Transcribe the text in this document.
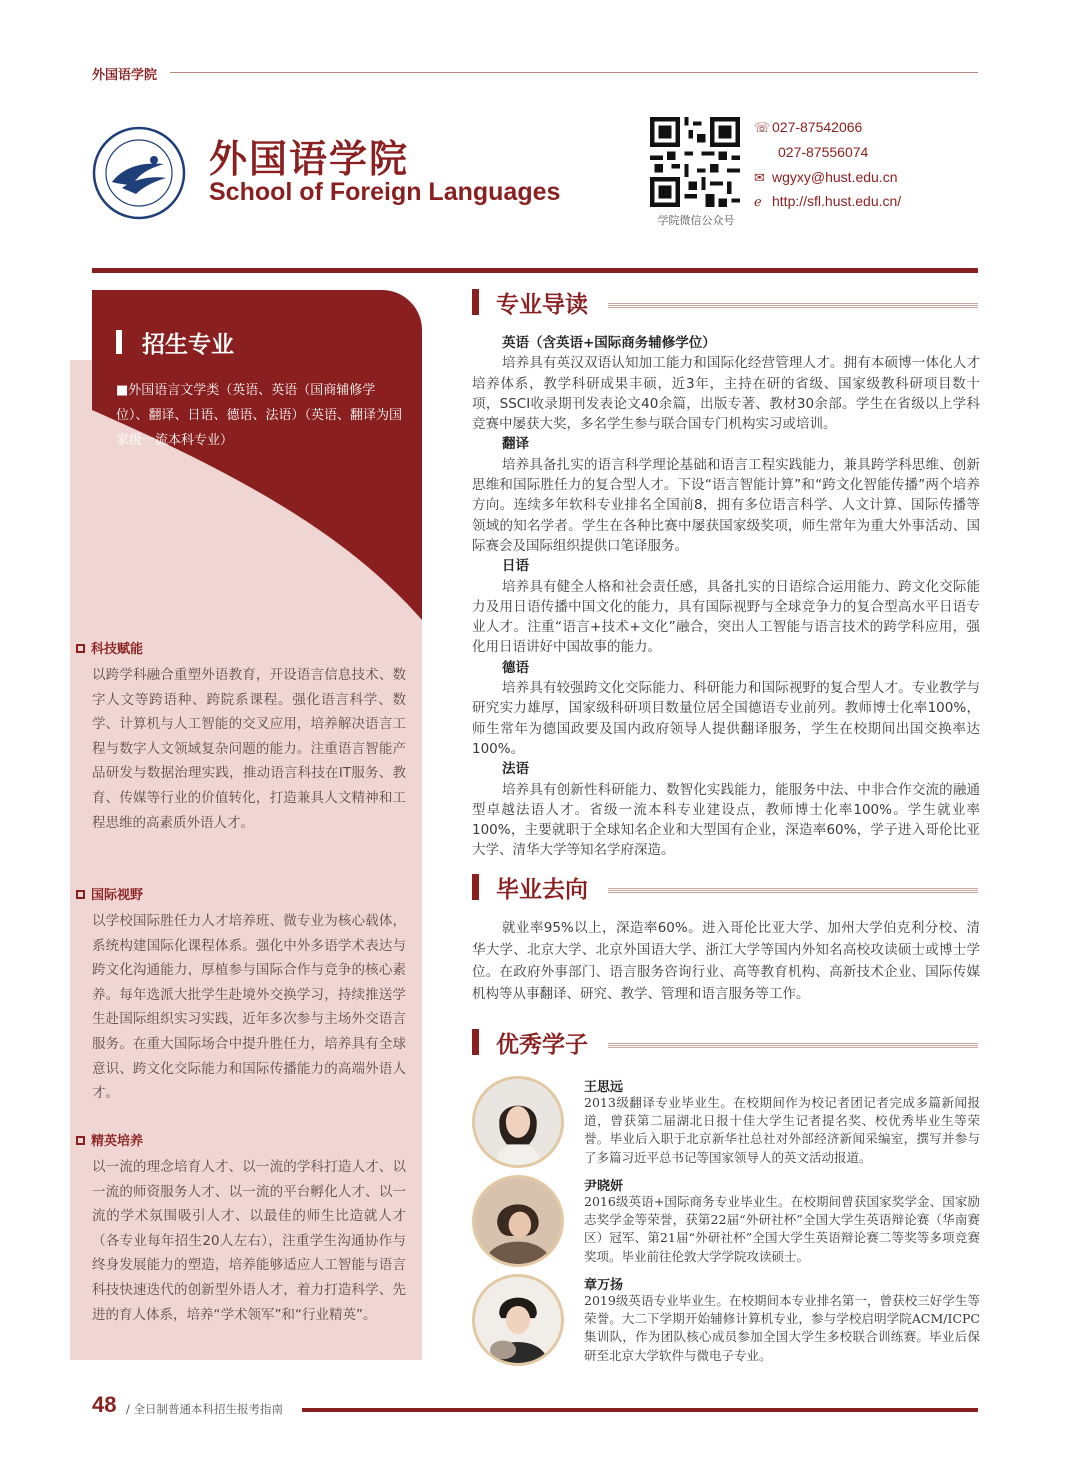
外国语学院
外国语学院
School of Foreign Languages
学院微信公众号
☏ 027-87542066
027-87556074
✉ wgyxy@hust.edu.cn
ℯ http://sfl.hust.edu.cn/
招生专业
■外国语言文学类（英语、英语（国商辅修学位）、翻译、日语、德语、法语）（英语、翻译为国家级一流本科专业）
科技赋能
以跨学科融合重塑外语教育，开设语言信息技术、数字人文等跨语种、跨院系课程。强化语言科学、数学、计算机与人工智能的交叉应用，培养解决语言工程与数字人文领域复杂问题的能力。注重语言智能产品研发与数据治理实践，推动语言科技在IT服务、教育、传媒等行业的价值转化，打造兼具人文精神和工程思维的高素质外语人才。
国际视野
以学校国际胜任力人才培养班、微专业为核心载体，系统构建国际化课程体系。强化中外多语学术表达与跨文化沟通能力，厚植参与国际合作与竞争的核心素养。每年选派大批学生赴境外交换学习，持续推送学生赴国际组织实习实践，近年多次参与主场外交语言服务。在重大国际场合中提升胜任力，培养具有全球意识、跨文化交际能力和国际传播能力的高端外语人才。
精英培养
以一流的理念培育人才、以一流的学科打造人才、以一流的师资服务人才、以一流的平台孵化人才、以一流的学术氛围吸引人才、以最佳的师生比造就人才（各专业每年招生20人左右），注重学生沟通协作与终身发展能力的塑造，培养能够适应人工智能与语言科技快速迭代的创新型外语人才，着力打造科学、先进的育人体系，培养“学术领军”和“行业精英”。
专业导读
英语（含英语+国际商务辅修学位）
培养具有英汉双语认知加工能力和国际化经营管理人才。拥有本硕博一体化人才培养体系，教学科研成果丰硕，近3年，主持在研的省级、国家级教科研项目数十项，SSCI收录期刊发表论文40余篇，出版专著、教材30余部。学生在省级以上学科竞赛中屡获大奖，多名学生参与联合国专门机构实习或培训。
翻译
培养具备扎实的语言科学理论基础和语言工程实践能力，兼具跨学科思维、创新思维和国际胜任力的复合型人才。下设“语言智能计算”和“跨文化智能传播”两个培养方向。连续多年软科专业排名全国前8，拥有多位语言科学、人文计算、国际传播等领域的知名学者。学生在各种比赛中屡获国家级奖项，师生常年为重大外事活动、国际赛会及国际组织提供口笔译服务。
日语
培养具有健全人格和社会责任感，具备扎实的日语综合运用能力、跨文化交际能力及用日语传播中国文化的能力，具有国际视野与全球竞争力的复合型高水平日语专业人才。注重“语言+技术+文化”融合，突出人工智能与语言技术的跨学科应用，强化用日语讲好中国故事的能力。
德语
培养具有较强跨文化交际能力、科研能力和国际视野的复合型人才。专业教学与研究实力雄厚，国家级科研项目数量位居全国德语专业前列。教师博士化率100%，师生常年为德国政要及国内政府领导人提供翻译服务，学生在校期间出国交换率达100%。
法语
培养具有创新性科研能力、数智化实践能力，能服务中法、中非合作交流的融通型卓越法语人才。省级一流本科专业建设点，教师博士化率100%。学生就业率100%，主要就职于全球知名企业和大型国有企业，深造率60%，学子进入哥伦比亚大学、清华大学等知名学府深造。
毕业去向
就业率95%以上，深造率60%。进入哥伦比亚大学、加州大学伯克利分校、清华大学、北京大学、北京外国语大学、浙江大学等国内外知名高校攻读硕士或博士学位。在政府外事部门、语言服务咨询行业、高等教育机构、高新技术企业、国际传媒机构等从事翻译、研究、教学、管理和语言服务等工作。
优秀学子
王思远
2013级翻译专业毕业生。在校期间作为校记者团记者完成多篇新闻报道，曾获第二届湖北日报十佳大学生记者提名奖、校优秀毕业生等荣誉。毕业后入职于北京新华社总社对外部经济新闻采编室，撰写并参与了多篇习近平总书记等国家领导人的英文活动报道。
尹晓妍
2016级英语+国际商务专业毕业生。在校期间曾获国家奖学金、国家励志奖学金等荣誉，获第22届“外研社杯”全国大学生英语辩论赛（华南赛区）冠军、第21届“外研社杯”全国大学生英语辩论赛二等奖等多项竞赛奖项。毕业前往伦敦大学学院攻读硕士。
章万扬
2019级英语专业毕业生。在校期间本专业排名第一，曾获校三好学生等荣誉。大二下学期开始辅修计算机专业，参与学校启明学院ACM/ICPC集训队，作为团队核心成员参加全国大学生多校联合训练赛。毕业后保研至北京大学软件与微电子专业。
48 / 全日制普通本科招生报考指南
